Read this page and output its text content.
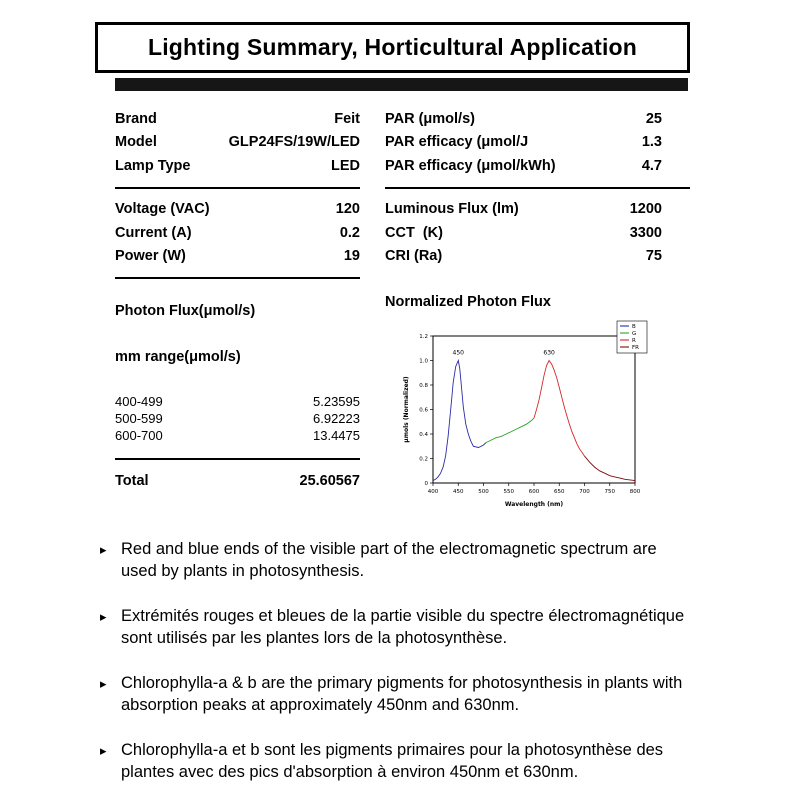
Lighting Summary, Horticultural Application
Brand	Feit
Model	GLP24FS/19W/LED
Lamp Type	LED
Voltage (VAC)	120
Current (A)	0.2
Power (W)	19
Photon Flux(μmol/s)
mm range(μmol/s)
400-499	5.23595
500-599	6.92223
600-700	13.4475
Total	25.60567
PAR (μmol/s)	25
PAR efficacy (μmol/J	1.3
PAR efficacy (μmol/kWh)	4.7
Luminous Flux (lm)	1200
CCT  (K)	3300
CRI (Ra)	75
Normalized Photon Flux
400	450	500	550	600	650	700	750	800
0
0.2
0.4
0.6
0.8
1.0
1.2
Wavelength (nm)
μmols (Normalized)
450	630
B
G
R
FR
▸ Red and blue ends of the visible part of the electromagnetic spectrum are used by plants in photosynthesis.
▸ Extrémités rouges et bleues de la partie visible du spectre électromagnétique sont utilisés par les plantes lors de la photosynthèse.
▸ Chlorophylla-a & b are the primary pigments for photosynthesis in plants with absorption peaks at approximately 450nm and 630nm.
▸ Chlorophylla-a et b sont les pigments primaires pour la photosynthèse des plantes avec des pics d'absorption à environ 450nm et 630nm.
